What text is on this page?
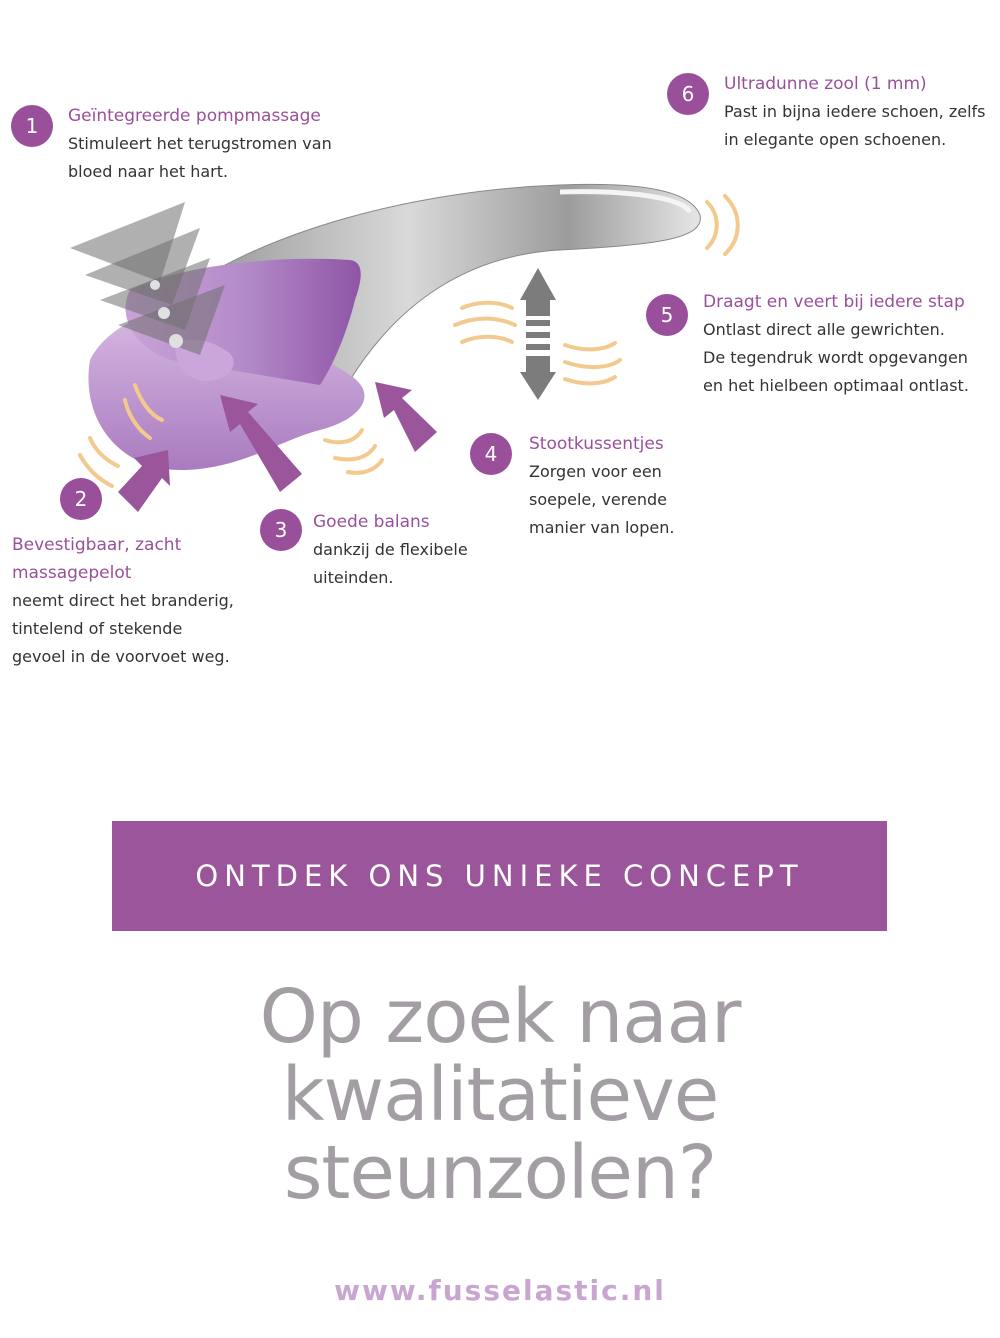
1	Geïntegreerde pompmassage
Stimuleert het terugstromen van
bloed naar het hart.
2
Bevestigbaar, zacht
massagepelot
neemt direct het branderig,
tintelend of stekende
gevoel in de voorvoet weg.
3	Goede balans
dankzij de flexibele
uiteinden.
4	Stootkussentjes
Zorgen voor een
soepele, verende
manier van lopen.
5
Draagt en veert bij iedere stap
Ontlast direct alle gewrichten.
De tegendruk wordt opgevangen
en het hielbeen optimaal ontlast.
6	Ultradunne zool (1 mm)
Past in bijna iedere schoen, zelfs
in elegante open schoenen.
ONTDEK ONS UNIEKE CONCEPT
Op zoek naar
kwalitatieve
steunzolen?
www.fusselastic.nl
